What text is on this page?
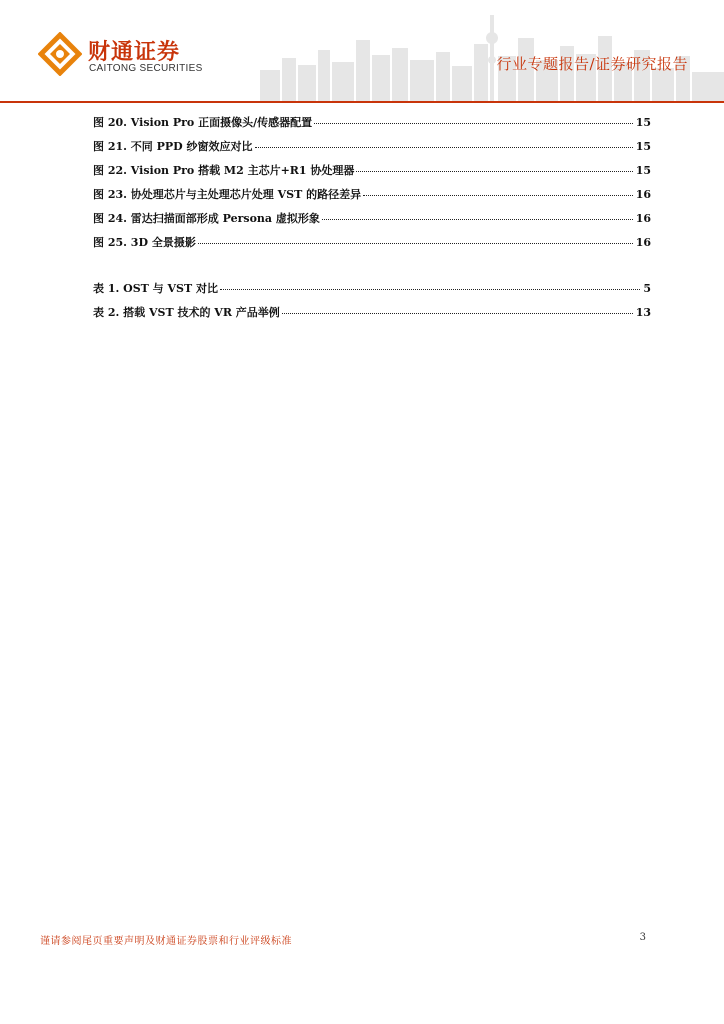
财通证券
CAITONG SECURITIES	行业专题报告/证券研究报告
图 20. Vision Pro 正面摄像头/传感器配置	15
图 21. 不同 PPD 纱窗效应对比	15
图 22. Vision Pro 搭载 M2 主芯片+R1 协处理器	15
图 23. 协处理芯片与主处理芯片处理 VST 的路径差异	16
图 24. 雷达扫描面部形成 Persona 虚拟形象	16
图 25. 3D 全景摄影	16
表 1. OST 与 VST 对比	5
表 2. 搭载 VST 技术的 VR 产品举例	13
谨请参阅尾页重要声明及财通证券股票和行业评级标准	3
